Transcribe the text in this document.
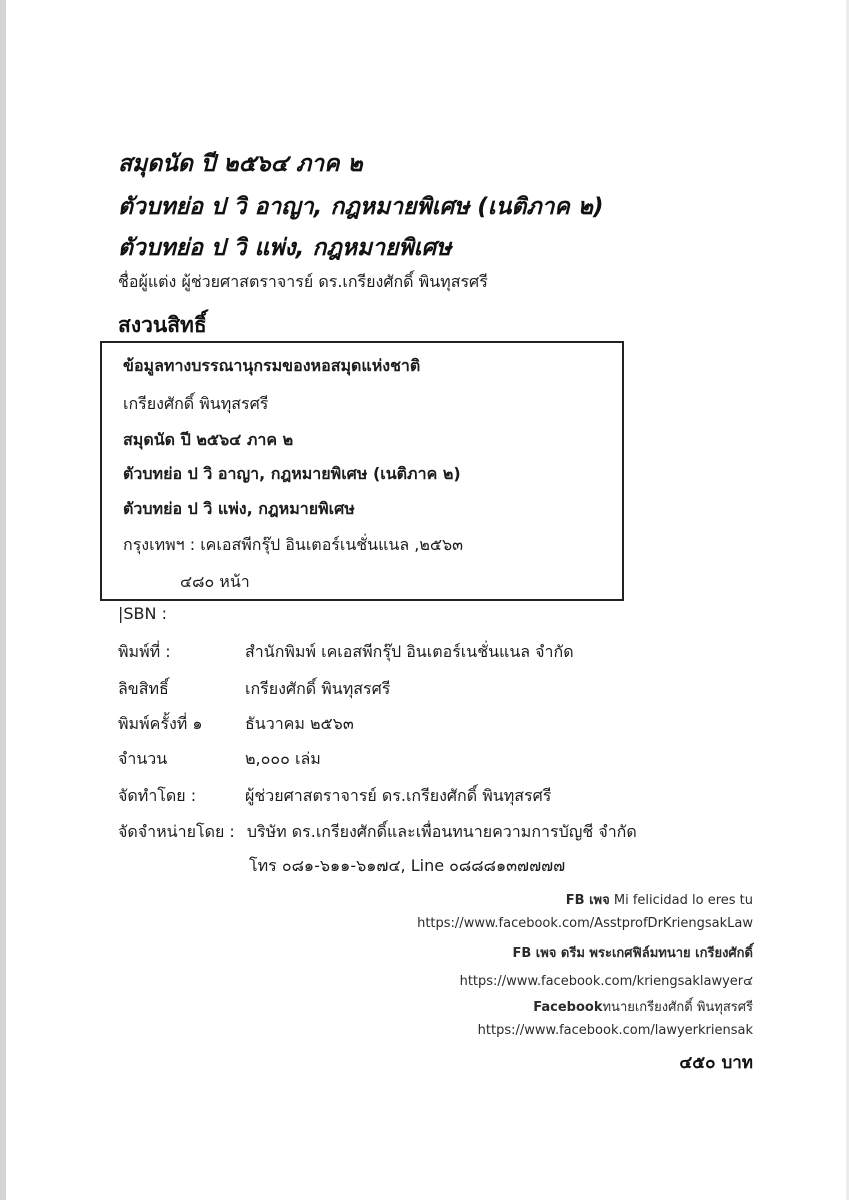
สมุดนัด ปี ๒๕๖๔ ภาค ๒
ตัวบทย่อ ป วิ อาญา, กฎหมายพิเศษ (เนติภาค ๒)
ตัวบทย่อ ป วิ แพ่ง, กฎหมายพิเศษ
ชื่อผู้แต่ง ผู้ช่วยศาสตราจารย์ ดร.เกรียงศักดิ์ พินทุสรศรี
สงวนสิทธิ์
ข้อมูลทางบรรณานุกรมของหอสมุดแห่งชาติ
เกรียงศักดิ์ พินทุสรศรี
สมุดนัด ปี ๒๕๖๔ ภาค ๒
ตัวบทย่อ ป วิ อาญา, กฎหมายพิเศษ (เนติภาค ๒)
ตัวบทย่อ ป วิ แพ่ง, กฎหมายพิเศษ
กรุงเทพฯ : เคเอสพีกรุ๊ป อินเตอร์เนชั่นแนล ,๒๕๖๓
๔๘๐ หน้า
|SBN :
พิมพ์ที่ :	สำนักพิมพ์ เคเอสพีกรุ๊ป อินเตอร์เนชั่นแนล จำกัด
ลิขสิทธิ์	เกรียงศักดิ์ พินทุสรศรี
พิมพ์ครั้งที่ ๑	ธันวาคม ๒๕๖๓
จำนวน	๒,๐๐๐ เล่ม
จัดทำโดย :	ผู้ช่วยศาสตราจารย์ ดร.เกรียงศักดิ์ พินทุสรศรี
จัดจำหน่ายโดย : บริษัท ดร.เกรียงศักดิ์และเพื่อนทนายความการบัญชี จำกัด
โทร ๐๘๑-๖๑๑-๖๑๗๔, Line ๐๘๘๘๑๓๗๗๗๗
FB เพจ Mi felicidad lo eres tu
https://www.facebook.com/AsstprofDrKriengsakLaw
FB เพจ ดรีม พระเกศฟิล์มทนาย เกรียงศักดิ์
https://www.facebook.com/kriengsaklawyer๔
Facebookทนายเกรียงศักดิ์ พินทุสรศรี
https://www.facebook.com/lawyerkriensak
๔๕๐ บาท
